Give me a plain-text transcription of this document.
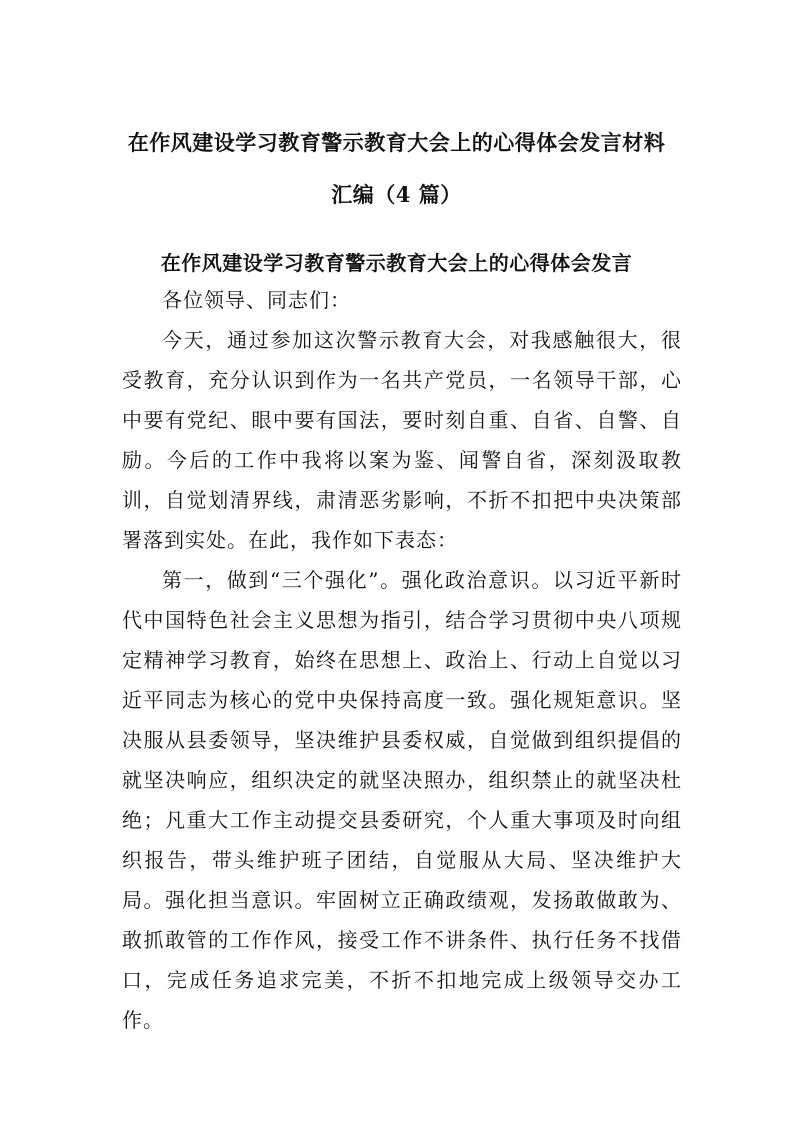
在作风建设学习教育警示教育大会上的心得体会发言材料
汇编（4 篇）
在作风建设学习教育警示教育大会上的心得体会发言

各位领导、同志们：

今天，通过参加这次警示教育大会，对我感触很大，很受教育，充分认识到作为一名共产党员，一名领导干部，心中要有党纪、眼中要有国法，要时刻自重、自省、自警、自励。今后的工作中我将以案为鉴、闻警自省，深刻汲取教训，自觉划清界线，肃清恶劣影响，不折不扣把中央决策部署落到实处。在此，我作如下表态：

第一，做到“三个强化”。强化政治意识。以习近平新时代中国特色社会主义思想为指引，结合学习贯彻中央八项规定精神学习教育，始终在思想上、政治上、行动上自觉以习近平同志为核心的党中央保持高度一致。强化规矩意识。坚决服从县委领导，坚决维护县委权威，自觉做到组织提倡的就坚决响应，组织决定的就坚决照办，组织禁止的就坚决杜绝；凡重大工作主动提交县委研究，个人重大事项及时向组织报告，带头维护班子团结，自觉服从大局、坚决维护大局。强化担当意识。牢固树立正确政绩观，发扬敢做敢为、敢抓敢管的工作作风，接受工作不讲条件、执行任务不找借口，完成任务追求完美，不折不扣地完成上级领导交办工作。
